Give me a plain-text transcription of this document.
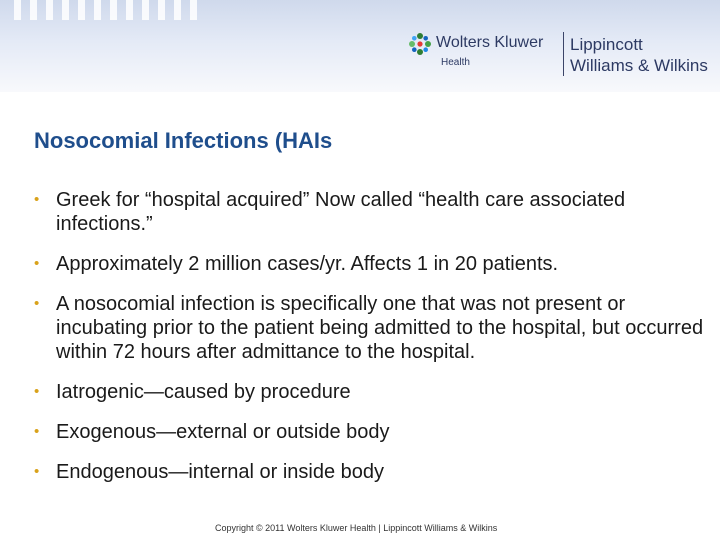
Wolters Kluwer
Health
Lippincott
Williams & Wilkins
Nosocomial Infections (HAIs
• Greek for “hospital acquired” Now called “health care associated infections.”
• Approximately 2 million cases/yr. Affects 1 in 20 patients.
• A nosocomial infection is specifically one that was not present or incubating prior to the patient being admitted to the hospital, but occurred within 72 hours after admittance to the hospital.
• Iatrogenic—caused by procedure
• Exogenous—external or outside body
• Endogenous—internal or inside body
Copyright © 2011 Wolters Kluwer Health | Lippincott Williams & Wilkins
